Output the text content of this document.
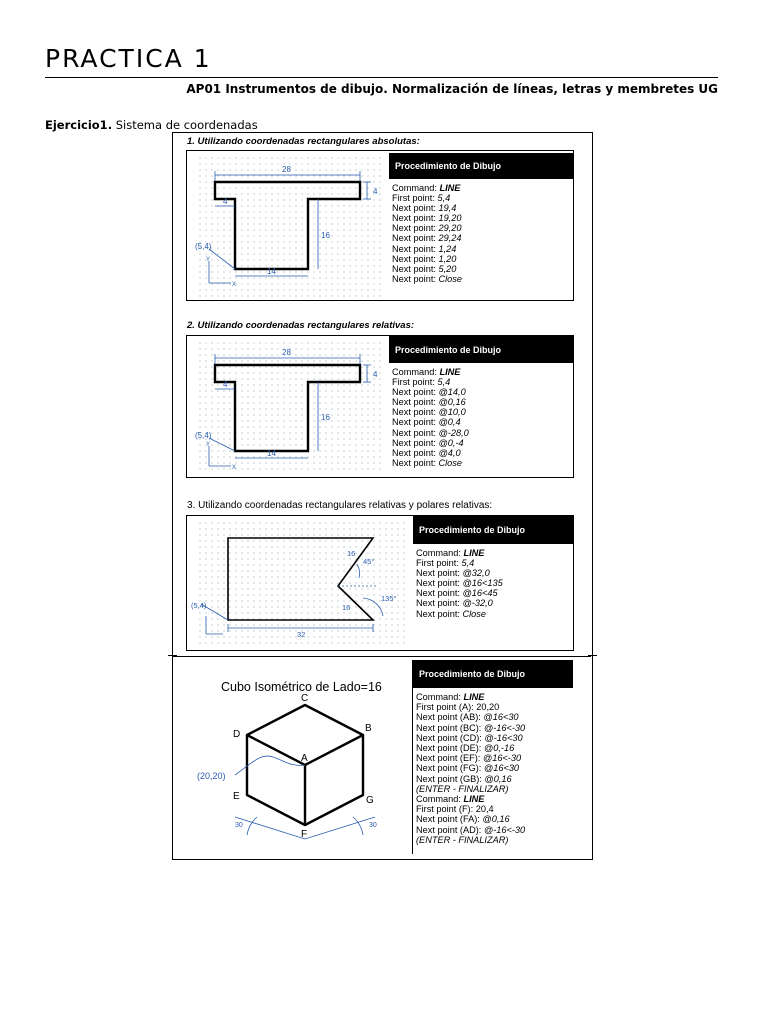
PRACTICA 1
AP01 Instrumentos de dibujo. Normalización de líneas, letras y membretes UG
Ejercicio1. Sistema de coordenadas
1. Utilizando coordenadas rectangulares absolutas:
28
4
4
16
14
(5,4)
Y
X
Procedimiento de Dibujo
Command: LINE
First point: 5,4
Next point: 19,4
Next point: 19,20
Next point: 29,20
Next point: 29,24
Next point: 1,24
Next point: 1,20
Next point: 5,20
Next point: Close
2. Utilizando coordenadas rectangulares relativas:
28
4
4
16
14
(5,4)
Y
X
Procedimiento de Dibujo
Command: LINE
First point: 5,4
Next point: @14,0
Next point: @0,16
Next point: @10,0
Next point: @0,4
Next point: @-28,0
Next point: @0,-4
Next point: @4,0
Next point: Close
3. Utilizando coordenadas rectangulares relativas y polares relativas:
32
16
16
45°
135°
(5,4)
Procedimiento de Dibujo
Command: LINE
First point: 5,4
Next point: @32,0
Next point: @16<135
Next point: @16<45
Next point: @-32,0
Next point: Close
Cubo Isométrico de Lado=16
C
B
D
A
E	G
F
(20,20)
30	30
Procedimiento de Dibujo
Command: LINE
First point (A): 20,20
Next point (AB): @16<30
Next point (BC): @-16<-30
Next point (CD): @-16<30
Next point (DE): @0,-16
Next point (EF): @16<-30
Next point (FG): @16<30
Next point (GB): @0,16
(ENTER - FINALIZAR)
Command: LINE
First point (F): 20,4
Next point (FA): @0,16
Next point (AD): @-16<-30
(ENTER - FINALIZAR)
